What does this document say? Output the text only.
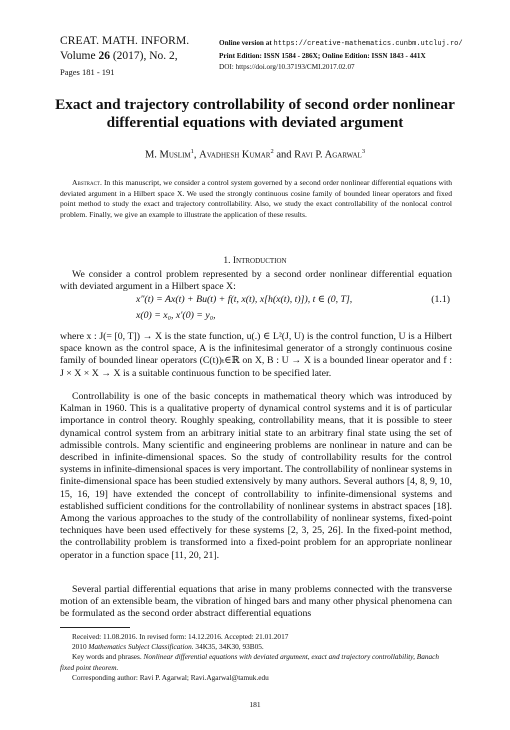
CREAT. MATH. INFORM.
Volume 26 (2017), No. 2,
Pages 181 - 191
Online version at https://creative-mathematics.cunbm.utcluj.ro/
Print Edition: ISSN 1584 - 286X; Online Edition: ISSN 1843 - 441X
DOI: https://doi.org/10.37193/CMI.2017.02.07
Exact and trajectory controllability of second order nonlinear differential equations with deviated argument
M. Muslim$^1$, Avadhesh Kumar$^2$ and Ravi P. Agarwal$^3$
Abstract. In this manuscript, we consider a control system governed by a second order nonlinear differential equations with deviated argument in a Hilbert space X. We used the strongly continuous cosine family of bounded linear operators and fixed point method to study the exact and trajectory controllability. Also, we study the exact controllability of the nonlocal control problem. Finally, we give an example to illustrate the application of these results.
1. Introduction

We consider a control problem represented by a second order nonlinear differential equation with deviated argument in a Hilbert space X:

x″(t) = Ax(t) + Bu(t) + f(t, x(t), x[h(x(t), t)]), t ∈ (0, T],	(1.1)
x(0) = x₀, x′(0) = y₀,

where x : J(= [0, T]) → X is the state function, u(.) ∈ L²(J, U) is the control function, U is a Hilbert space known as the control space, A is the infinitesimal generator of a strongly continuous cosine family of bounded linear operators (C(t))ₜ∈ℝ on X, B : U → X is a bounded linear operator and f : J × X × X → X is a suitable continuous function to be specified later.

Controllability is one of the basic concepts in mathematical theory which was introduced by Kalman in 1960. This is a qualitative property of dynamical control systems and it is of particular importance in control theory. Roughly speaking, controllability means, that it is possible to steer dynamical control system from an arbitrary initial state to an arbitrary final state using the set of admissible controls. Many scientific and engineering problems are nonlinear in nature and can be described in infinite-dimensional spaces. So the study of controllability results for the control systems in infinite-dimensional spaces is very important. The controllability of nonlinear systems in finite-dimensional space has been studied extensively by many authors. Several authors [4, 8, 9, 10, 15, 16, 19] have extended the concept of controllability to infinite-dimensional systems and established sufficient conditions for the controllability of nonlinear systems in abstract spaces [18]. Among the various approaches to the study of the controllability of nonlinear systems, fixed-point techniques have been used effectively for these systems [2, 3, 25, 26]. In the fixed-point method, the controllability problem is transformed into a fixed-point problem for an appropriate nonlinear operator in a function space [11, 20, 21].

Several partial differential equations that arise in many problems connected with the transverse motion of an extensible beam, the vibration of hinged bars and many other physical phenomena can be formulated as the second order abstract differential equations

Received: 11.08.2016. In revised form: 14.12.2016. Accepted: 21.01.2017

2010 Mathematics Subject Classification. 34K35, 34K30, 93B05.

Key words and phrases. Nonlinear differential equations with deviated argument, exact and trajectory controllability, Banach fixed point theorem.

Corresponding author: Ravi P. Agarwal; Ravi.Agarwal@tamuk.edu

181
